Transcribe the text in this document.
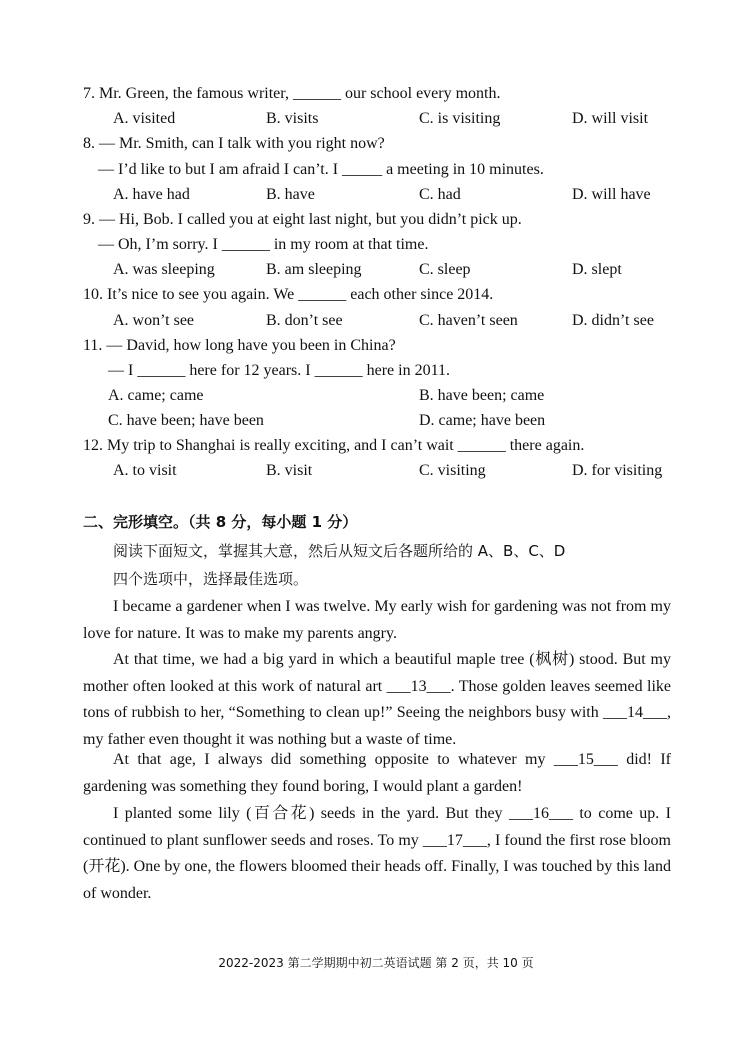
7. Mr. Green, the famous writer, ______ our school every month.
A. visited	B. visits	C. is visiting	D. will visit
8. — Mr. Smith, can I talk with you right now?
— I’d like to but I am afraid I can’t. I _____ a meeting in 10 minutes.
A. have had	B. have	C. had	D. will have
9. — Hi, Bob. I called you at eight last night, but you didn’t pick up.
— Oh, I’m sorry. I ______ in my room at that time.
A. was sleeping	B. am sleeping	C. sleep	D. slept
10. It’s nice to see you again. We ______ each other since 2014.
A. won’t see	B. don’t see	C. haven’t seen	D. didn’t see
11. — David, how long have you been in China?
— I ______ here for 12 years. I ______ here in 2011.
A. came; came	B. have been; came
C. have been; have been	D. came; have been
12. My trip to Shanghai is really exciting, and I can’t wait ______ there again.
A. to visit	B. visit	C. visiting	D. for visiting
二、完形填空。（共 8 分，每小题 1 分）
阅读下面短文，掌握其大意，然后从短文后各题所给的 A、B、C、D
四个选项中，选择最佳选项。
I became a gardener when I was twelve. My early wish for gardening was not from my love for nature. It was to make my parents angry.
At that time, we had a big yard in which a beautiful maple tree (枫树) stood. But my mother often looked at this work of natural art ___13___. Those golden leaves seemed like tons of rubbish to her, “Something to clean up!” Seeing the neighbors busy with ___14___, my father even thought it was nothing but a waste of time.
At that age, I always did something opposite to whatever my ___15___ did! If gardening was something they found boring, I would plant a garden!
I planted some lily (百合花) seeds in the yard. But they ___16___ to come up. I continued to plant sunflower seeds and roses. To my ___17___, I found the first rose bloom (开花). One by one, the flowers bloomed their heads off. Finally, I was touched by this land of wonder.
2022-2023 第二学期期中初二英语试题 第 2 页，共 10 页
